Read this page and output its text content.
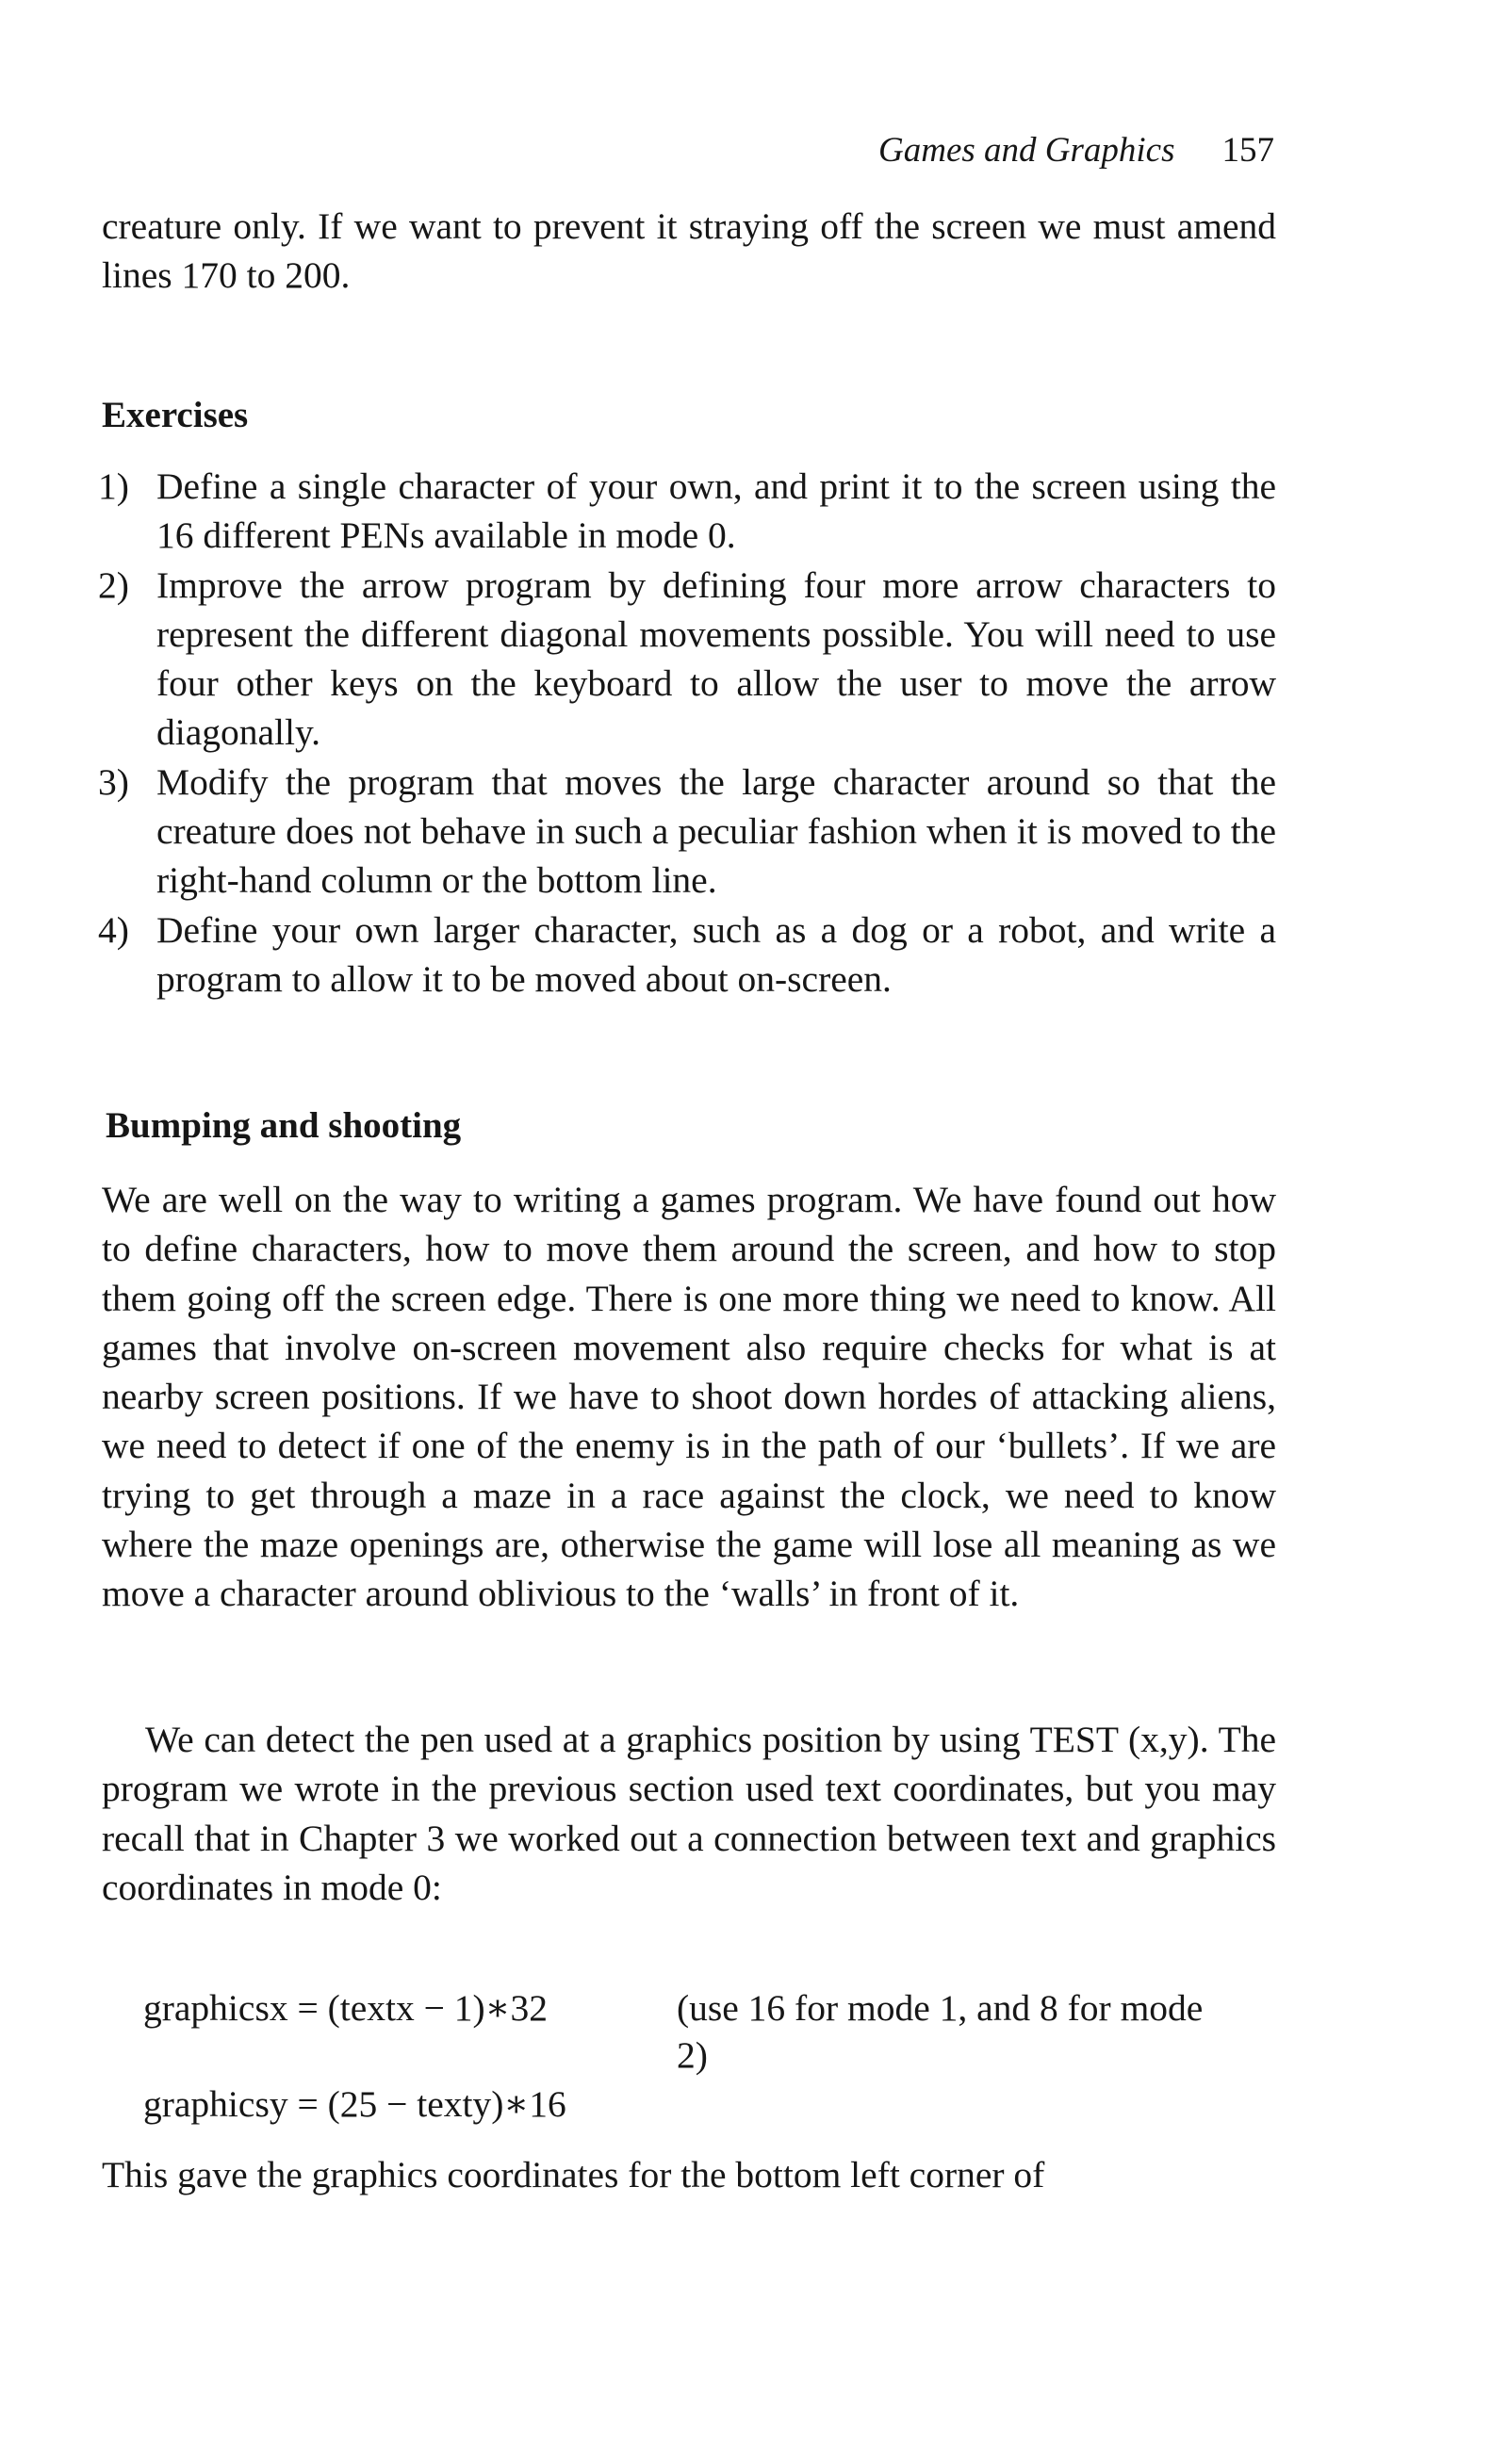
Games and Graphics 157

creature only. If we want to prevent it straying off the screen we must amend lines 170 to 200.

Exercises
1) Define a single character of your own, and print it to the screen using the 16 different PENs available in mode 0.
2) Improve the arrow program by defining four more arrow characters to represent the different diagonal movements possible. You will need to use four other keys on the keyboard to allow the user to move the arrow diagonally.
3) Modify the program that moves the large character around so that the creature does not behave in such a peculiar fashion when it is moved to the right-hand column or the bottom line.
4) Define your own larger character, such as a dog or a robot, and write a program to allow it to be moved about on-screen.
Bumping and shooting

We are well on the way to writing a games program. We have found out how to define characters, how to move them around the screen, and how to stop them going off the screen edge. There is one more thing we need to know. All games that involve on-screen movement also require checks for what is at nearby screen positions. If we have to shoot down hordes of attacking aliens, we need to detect if one of the enemy is in the path of our ‘bullets’. If we are trying to get through a maze in a race against the clock, we need to know where the maze openings are, otherwise the game will lose all meaning as we move a character around oblivious to the ‘walls’ in front of it.

We can detect the pen used at a graphics position by using TEST (x,y). The program we wrote in the previous section used text coordinates, but you may recall that in Chapter 3 we worked out a connection between text and graphics coordinates in mode 0:

graphicsx = (textx − 1)∗32	(use 16 for mode 1, and 8 for mode 2)
graphicsy = (25 − texty)∗16

This gave the graphics coordinates for the bottom left corner of
